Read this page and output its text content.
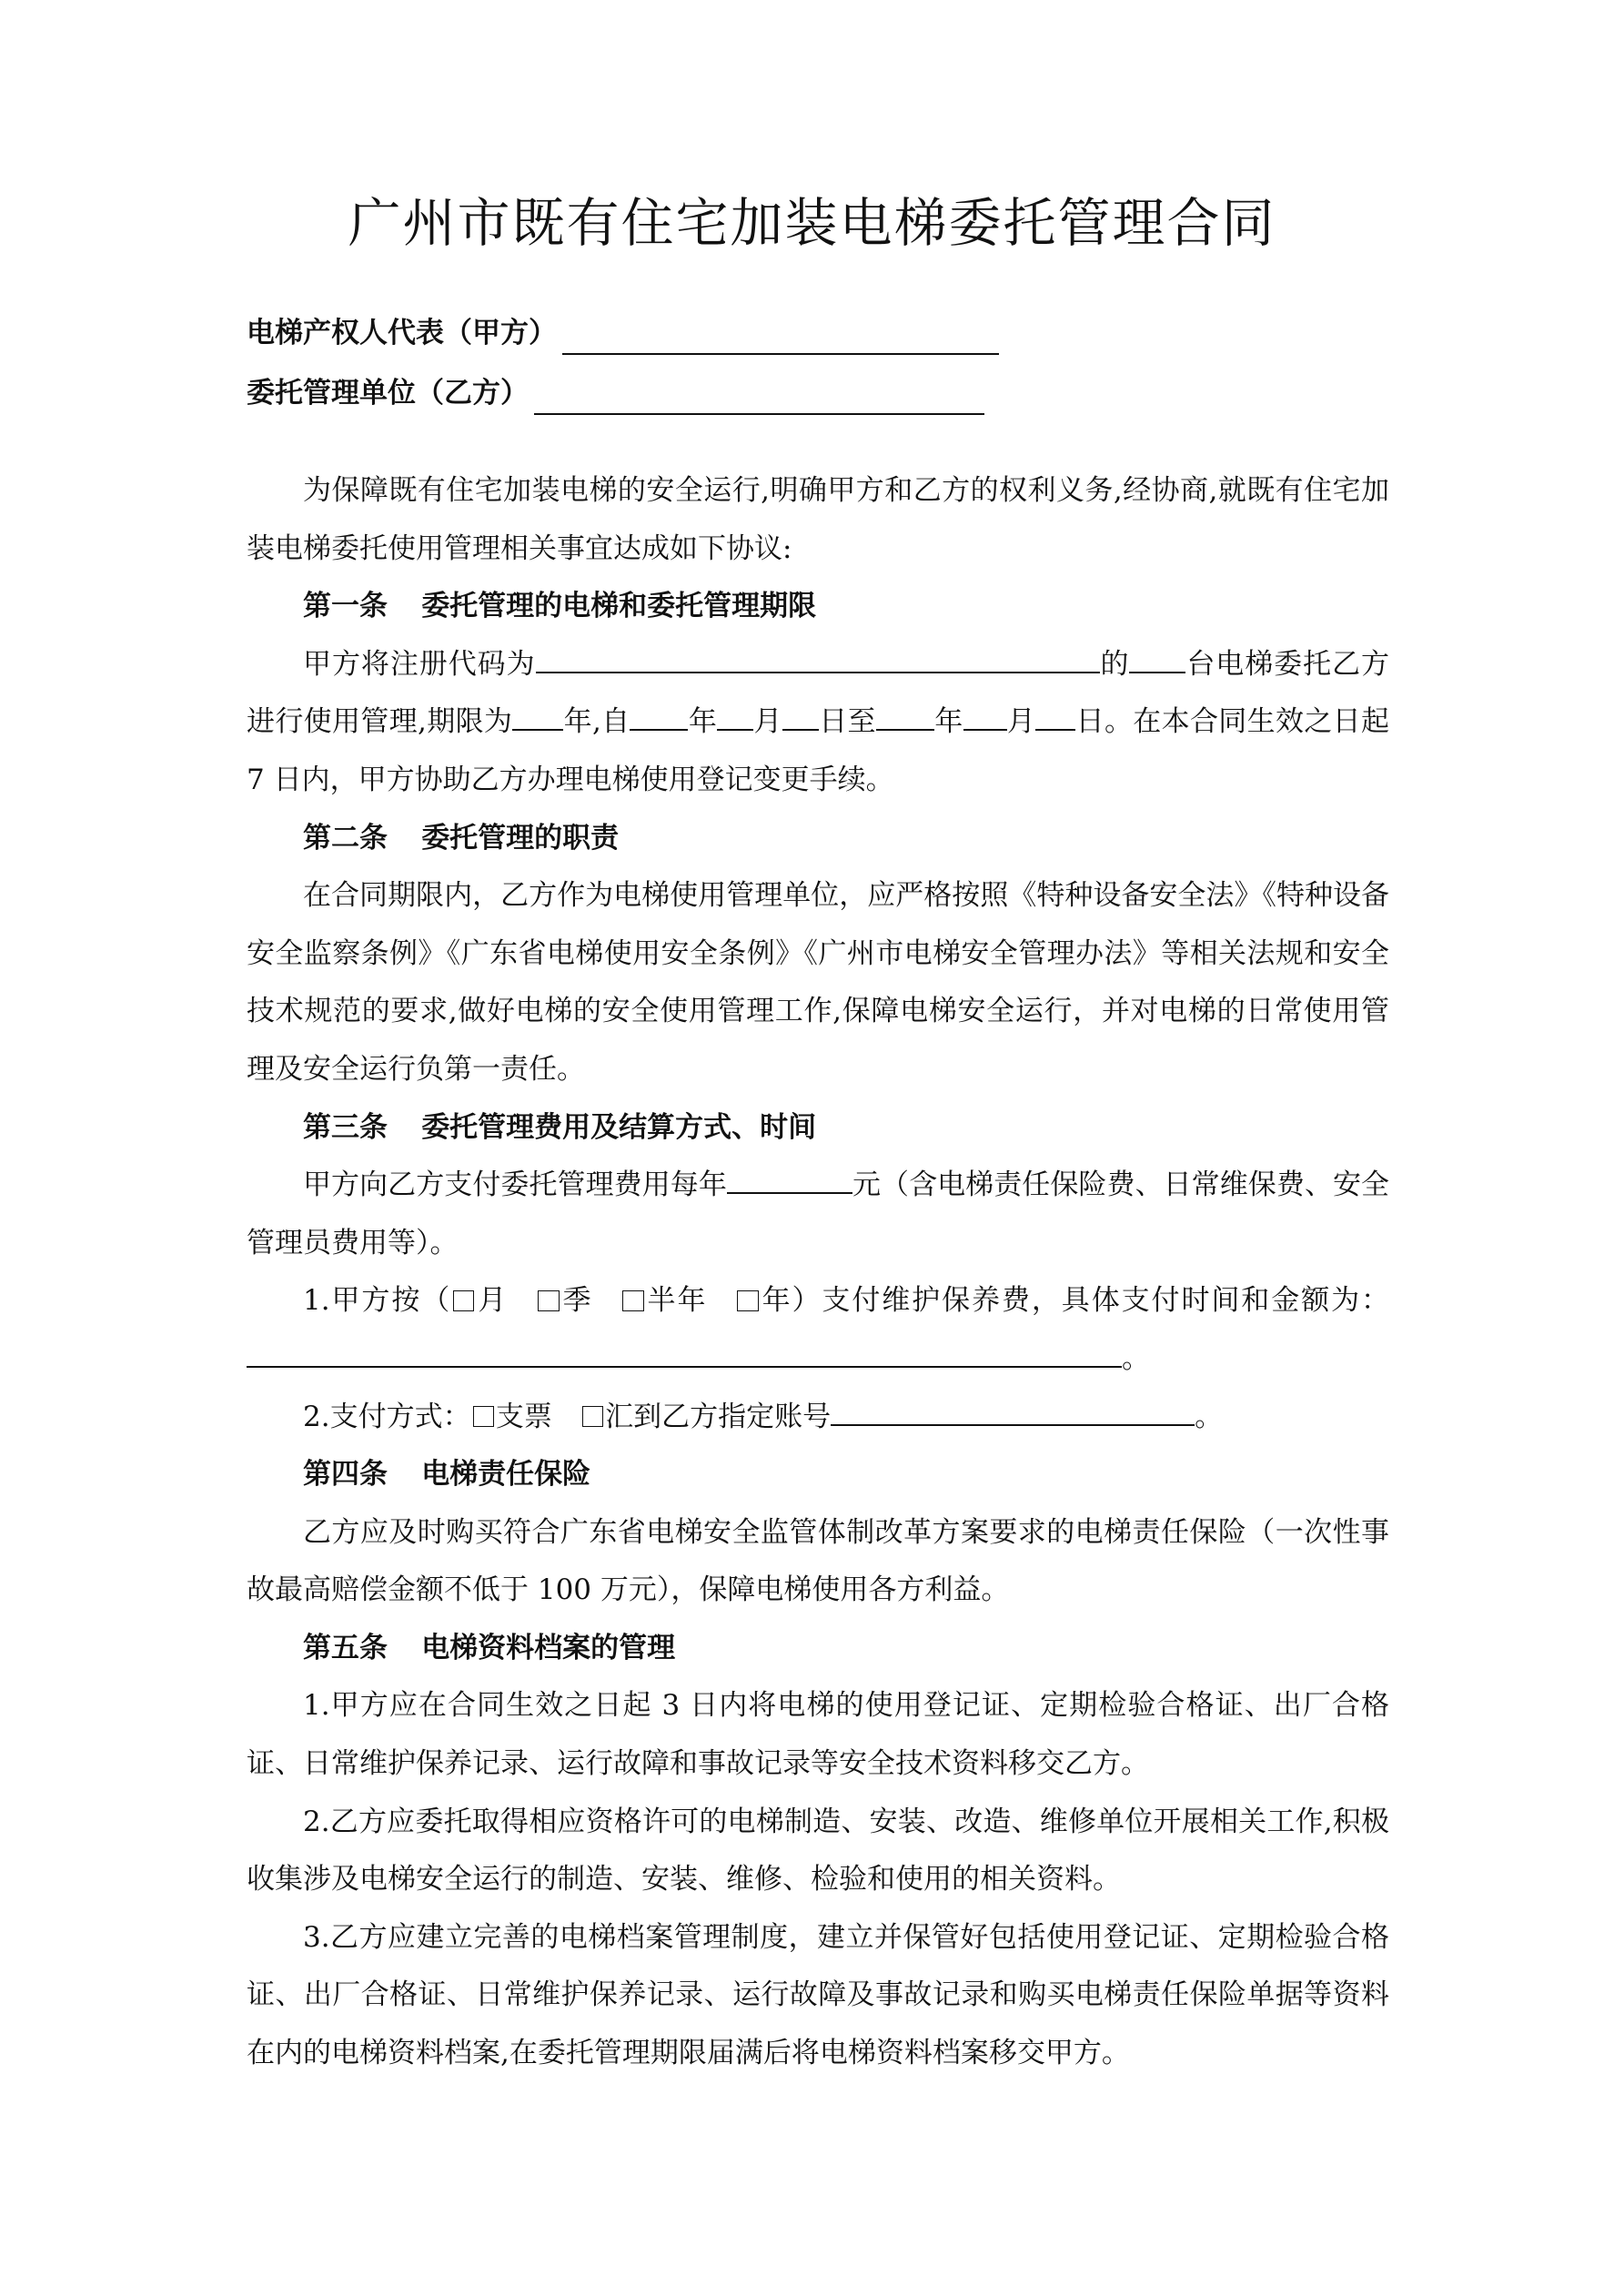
广州市既有住宅加装电梯委托管理合同
电梯产权人代表（甲方）
委托管理单位（乙方）

为保障既有住宅加装电梯的安全运行,明确甲方和乙方的权利义务,经协商,就既有住宅加装电梯委托使用管理相关事宜达成如下协议:

第一条 委托管理的电梯和委托管理期限

甲方将注册代码为	的 台电梯委托乙方进行使用管理,期限为 年,自 年 月 日至 年 月 日。在本合同生效之日起 7 日内，甲方协助乙方办理电梯使用登记变更手续。

第二条 委托管理的职责

在合同期限内，乙方作为电梯使用管理单位，应严格按照《特种设备安全法》《特种设备安全监察条例》《广东省电梯使用安全条例》《广州市电梯安全管理办法》等相关法规和安全技术规范的要求,做好电梯的安全使用管理工作,保障电梯安全运行，并对电梯的日常使用管理及安全运行负第一责任。

第三条 委托管理费用及结算方式、时间

甲方向乙方支付委托管理费用每年	元（含电梯责任保险费、日常维保费、安全管理员费用等）。

1.甲方按（ 月  季  半年  年）支付维护保养费，具体支付时间和金额为：。

2.支付方式： 支票  汇到乙方指定账号	。

第四条 电梯责任保险

乙方应及时购买符合广东省电梯安全监管体制改革方案要求的电梯责任保险（一次性事故最高赔偿金额不低于 100 万元），保障电梯使用各方利益。

第五条 电梯资料档案的管理

1.甲方应在合同生效之日起 3 日内将电梯的使用登记证、定期检验合格证、出厂合格证、日常维护保养记录、运行故障和事故记录等安全技术资料移交乙方。

2.乙方应委托取得相应资格许可的电梯制造、安装、改造、维修单位开展相关工作,积极收集涉及电梯安全运行的制造、安装、维修、检验和使用的相关资料。

3.乙方应建立完善的电梯档案管理制度，建立并保管好包括使用登记证、定期检验合格证、出厂合格证、日常维护保养记录、运行故障及事故记录和购买电梯责任保险单据等资料在内的电梯资料档案,在委托管理期限届满后将电梯资料档案移交甲方。
